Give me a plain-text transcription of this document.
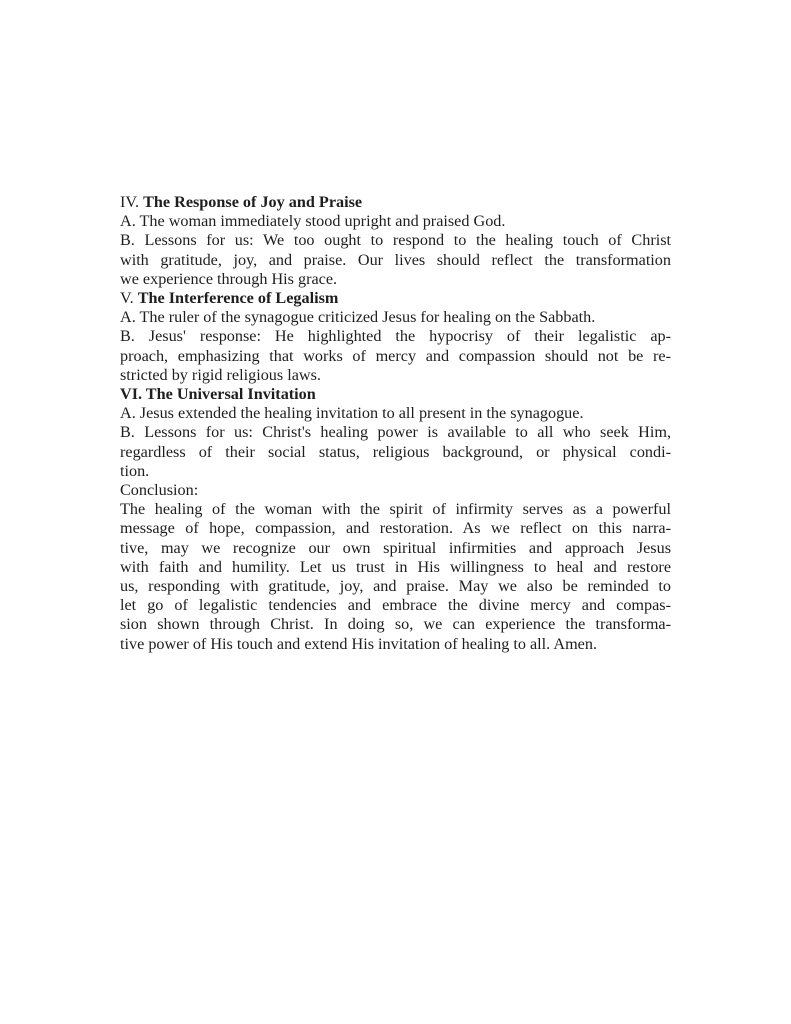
IV. The Response of Joy and Praise
A. The woman immediately stood upright and praised God.
B. Lessons for us: We too ought to respond to the healing touch of Christ
with gratitude, joy, and praise. Our lives should reflect the transformation
we experience through His grace.
V. The Interference of Legalism
A. The ruler of the synagogue criticized Jesus for healing on the Sabbath.
B. Jesus' response: He highlighted the hypocrisy of their legalistic ap-
proach, emphasizing that works of mercy and compassion should not be re-
stricted by rigid religious laws.
VI. The Universal Invitation
A. Jesus extended the healing invitation to all present in the synagogue.
B. Lessons for us: Christ's healing power is available to all who seek Him,
regardless of their social status, religious background, or physical condi-
tion.
Conclusion:
The healing of the woman with the spirit of infirmity serves as a powerful
message of hope, compassion, and restoration. As we reflect on this narra-
tive, may we recognize our own spiritual infirmities and approach Jesus
with faith and humility. Let us trust in His willingness to heal and restore
us, responding with gratitude, joy, and praise. May we also be reminded to
let go of legalistic tendencies and embrace the divine mercy and compas-
sion shown through Christ. In doing so, we can experience the transforma-
tive power of His touch and extend His invitation of healing to all. Amen.
